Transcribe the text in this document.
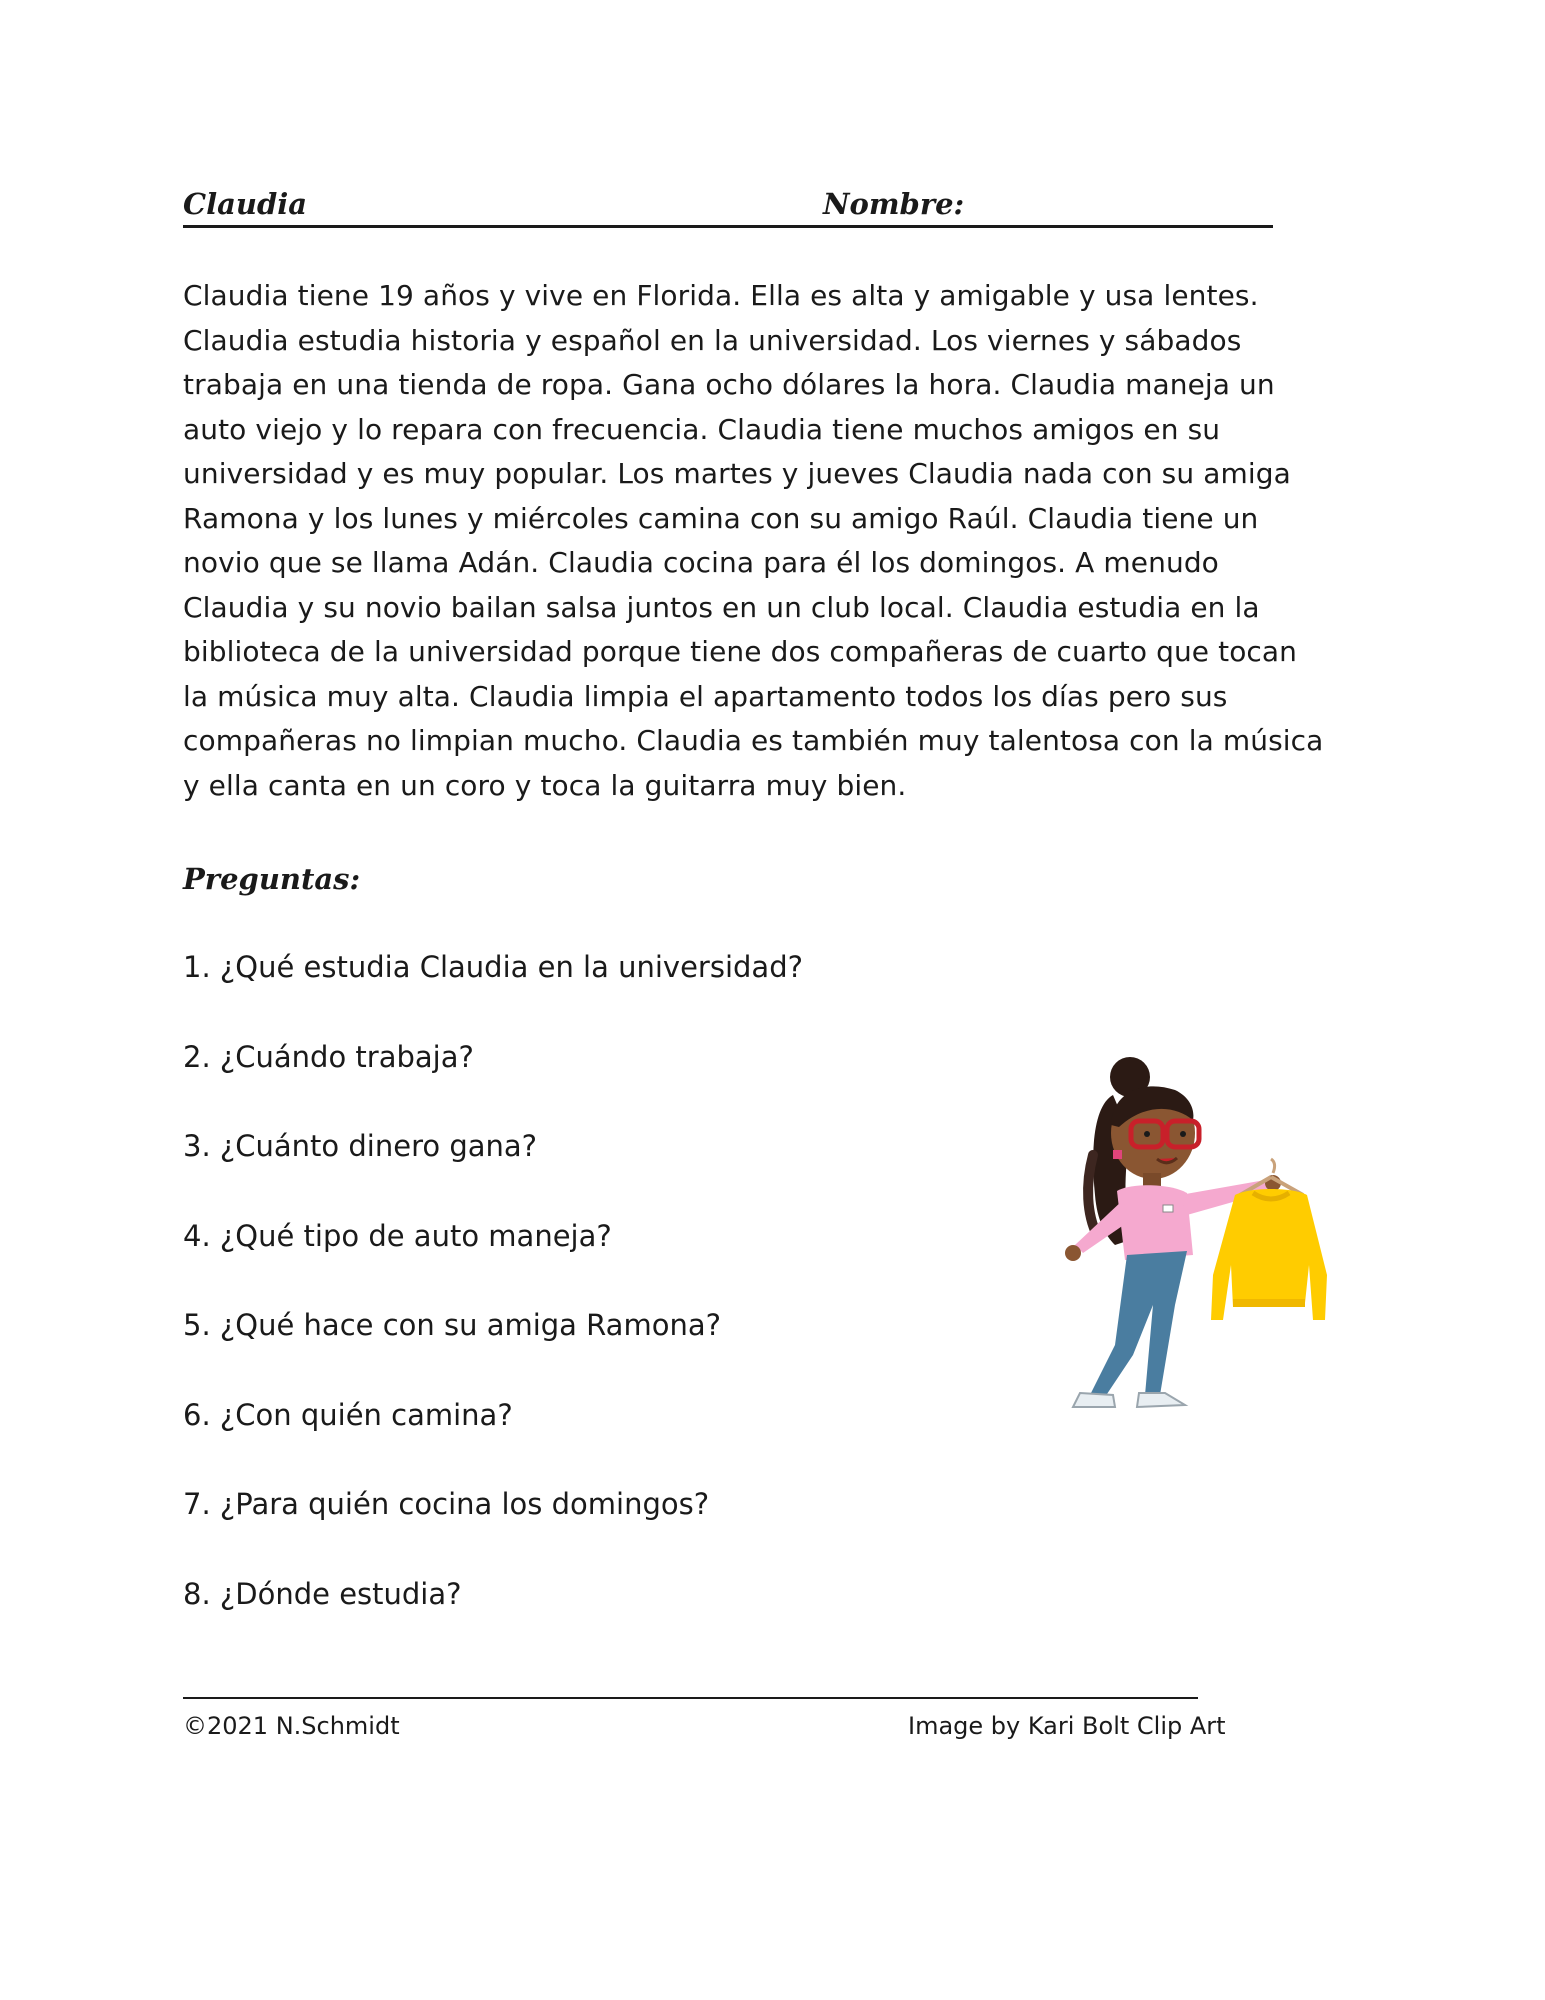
Claudia	Nombre:
Claudia tiene 19 años y vive en Florida. Ella es alta y amigable y usa lentes.
Claudia estudia historia y español en la universidad. Los viernes y sábados
trabaja en una tienda de ropa. Gana ocho dólares la hora. Claudia maneja un
auto viejo y lo repara con frecuencia. Claudia tiene muchos amigos en su
universidad y es muy popular. Los martes y jueves Claudia nada con su amiga
Ramona y los lunes y miércoles camina con su amigo Raúl. Claudia tiene un
novio que se llama Adán. Claudia cocina para él los domingos. A menudo
Claudia y su novio bailan salsa juntos en un club local. Claudia estudia en la
biblioteca de la universidad porque tiene dos compañeras de cuarto que tocan
la música muy alta. Claudia limpia el apartamento todos los días pero sus
compañeras no limpian mucho. Claudia es también muy talentosa con la música
y ella canta en un coro y toca la guitarra muy bien.
Preguntas:
1. ¿Qué estudia Claudia en la universidad?
2. ¿Cuándo trabaja?
3. ¿Cuánto dinero gana?
4. ¿Qué tipo de auto maneja?
5. ¿Qué hace con su amiga Ramona?
6. ¿Con quién camina?
7. ¿Para quién cocina los domingos?
8. ¿Dónde estudia?
©2021 N.Schmidt	Image by Kari Bolt Clip Art
